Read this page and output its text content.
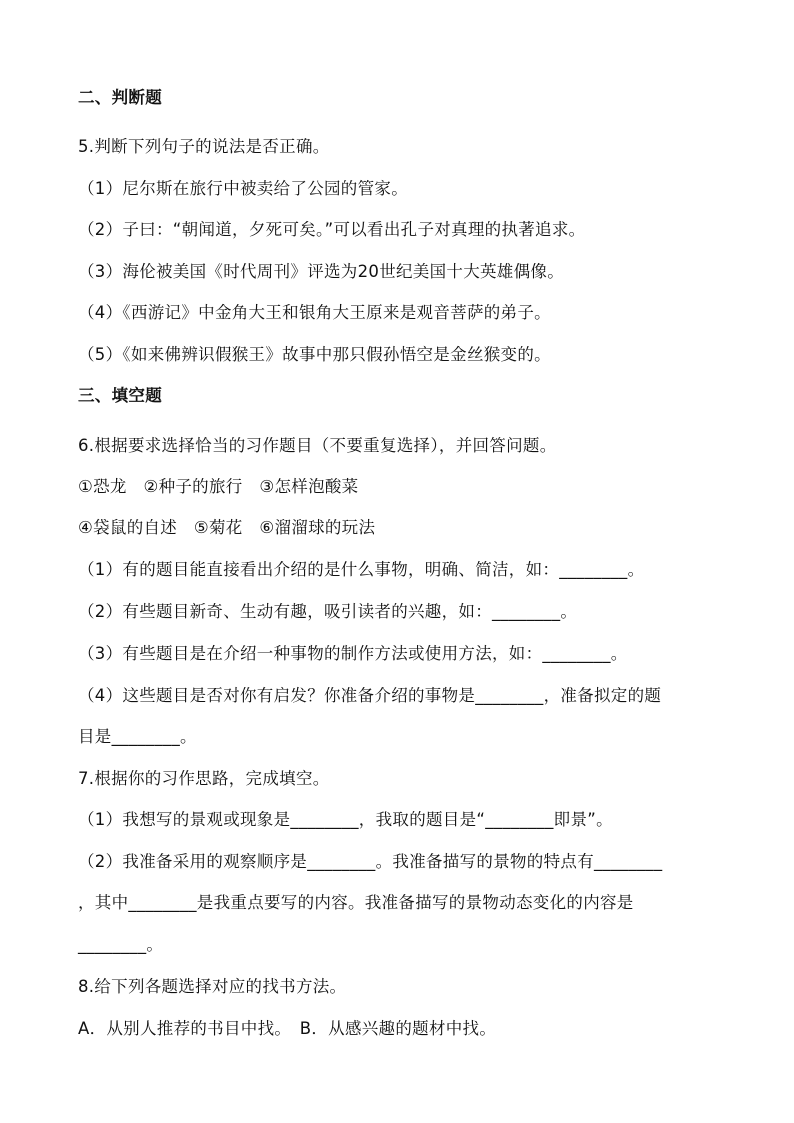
二、判断题
5.判断下列句子的说法是否正确。
（1）尼尔斯在旅行中被卖给了公园的管家。
（2）子曰：“朝闻道，夕死可矣。”可以看出孔子对真理的执著追求。
（3）海伦被美国《时代周刊》评选为20世纪美国十大英雄偶像。
（4）《西游记》中金角大王和银角大王原来是观音菩萨的弟子。
（5）《如来佛辨识假猴王》故事中那只假孙悟空是金丝猴变的。
三、填空题
6.根据要求选择恰当的习作题目（不要重复选择），并回答问题。
①恐龙　②种子的旅行　③怎样泡酸菜
④袋鼠的自述　⑤菊花　⑥溜溜球的玩法
（1）有的题目能直接看出介绍的是什么事物，明确、简洁，如：________。
（2）有些题目新奇、生动有趣，吸引读者的兴趣，如：________。
（3）有些题目是在介绍一种事物的制作方法或使用方法，如：________。
（4）这些题目是否对你有启发？你准备介绍的事物是________，准备拟定的题
目是________。
7.根据你的习作思路，完成填空。
（1）我想写的景观或现象是________，我取的题目是“________即景”。
（2）我准备采用的观察顺序是________。我准备描写的景物的特点有________
，其中________是我重点要写的内容。我准备描写的景物动态变化的内容是
________。
8.给下列各题选择对应的找书方法。
A．从别人推荐的书目中找。　B．从感兴趣的题材中找。
